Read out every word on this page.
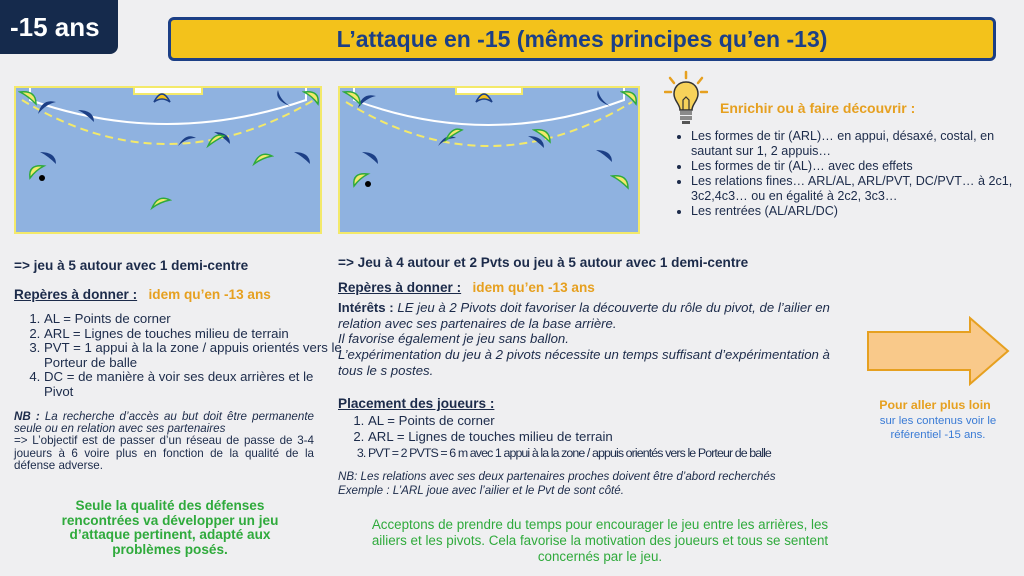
-15 ans	L’attaque en -15 (mêmes principes qu’en -13)
Enrichir ou à faire découvrir :
• Les formes de tir (ARL)… en appui, désaxé, costal, en sautant sur 1, 2 appuis…
• Les formes de tir (AL)… avec des effets
• Les relations fines… ARL/AL, ARL/PVT, DC/PVT… à 2c1, 3c2,4c3… ou en égalité à 2c2, 3c3…
• Les rentrées (AL/ARL/DC)
=> jeu à 5 autour avec 1 demi-centre
Repères à donner : idem qu’en -13 ans
1. AL = Points de corner
2. ARL = Lignes de touches milieu de terrain
3. PVT = 1 appui à la la zone / appuis orientés vers le Porteur de balle
4. DC = de manière à voir ses deux arrières et le Pivot

NB : La recherche d’accès au but doit être permanente seule ou en relation avec ses partenaires

=> L’objectif est de passer d’un réseau de passe de 3-4 joueurs à 6 voire plus en fonction de la qualité de la défense adverse.

Seule la qualité des défenses rencontrées va développer un jeu d’attaque pertinent, adapté aux problèmes posés.
=> Jeu à 4 autour et 2 Pvts ou jeu à 5 autour avec 1 demi-centre
Repères à donner : idem qu’en -13 ans

Intérêts : LE jeu à 2 Pivots doit favoriser la découverte du rôle du pivot, de l’ailier en relation avec ses partenaires de la base arrière.

Il favorise également je jeu sans ballon.

L’expérimentation du jeu à 2 pivots nécessite un temps suffisant d’expérimentation à tous le s postes.

Placement des joueurs :
1. AL = Points de corner
2. ARL = Lignes de touches milieu de terrain
3. PVT = 2 PVTS = 6 m avec 1 appui à la la zone / appuis orientés vers le Porteur de balle

NB: Les relations avec ses deux partenaires proches doivent être d’abord recherchés

Exemple : L’ARL joue avec l’ailier et le Pvt de sont côté.

Acceptons de prendre du temps pour encourager le jeu entre les arrières, les ailiers et les pivots. Cela favorise la motivation des joueurs et tous se sentent concernés par le jeu.
Pour aller plus loin
sur les contenus voir le référentiel -15 ans.
